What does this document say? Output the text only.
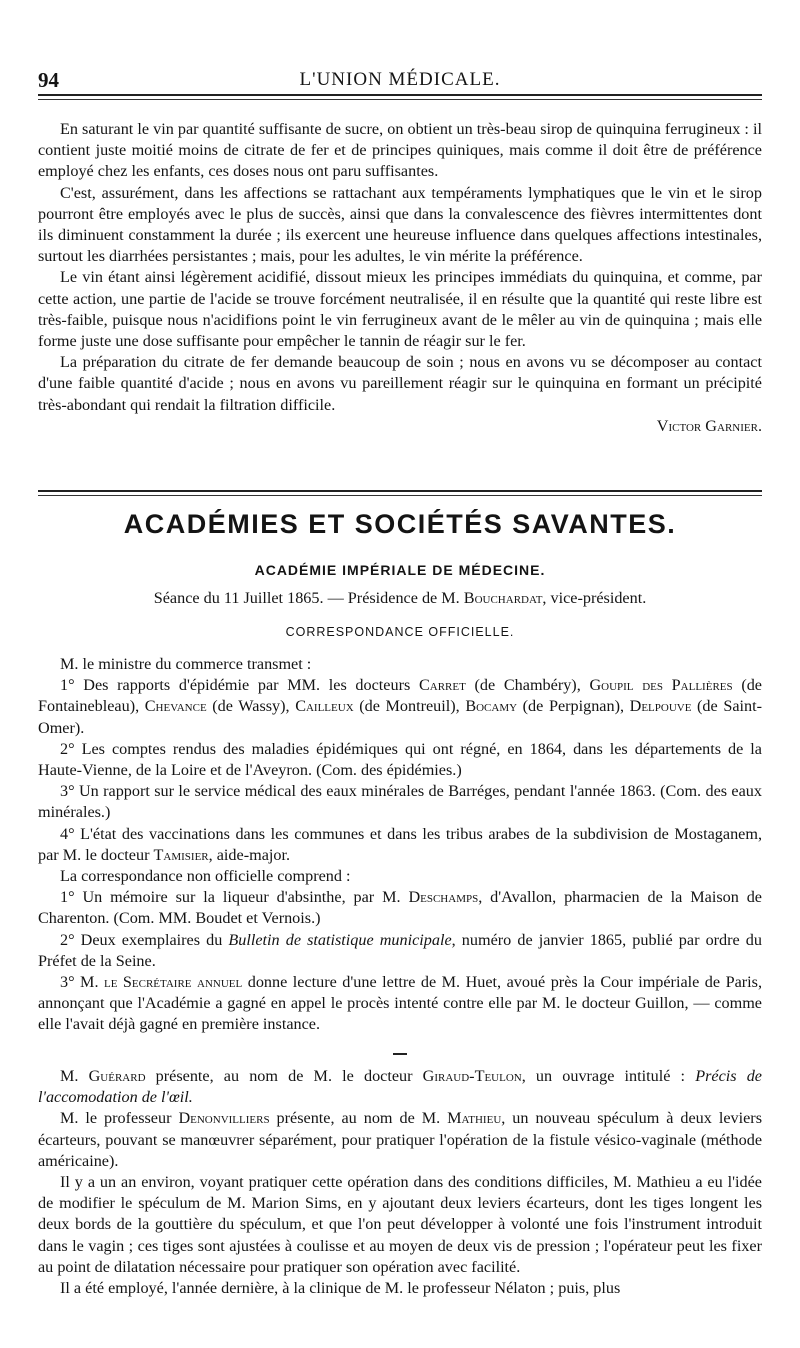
94	L'UNION MÉDICALE.

En saturant le vin par quantité suffisante de sucre, on obtient un très-beau sirop de quinquina ferrugineux : il contient juste moitié moins de citrate de fer et de principes quiniques, mais comme il doit être de préférence employé chez les enfants, ces doses nous ont paru suffisantes.

C'est, assurément, dans les affections se rattachant aux tempéraments lymphatiques que le vin et le sirop pourront être employés avec le plus de succès, ainsi que dans la convalescence des fièvres intermittentes dont ils diminuent constamment la durée ; ils exercent une heureuse influence dans quelques affections intestinales, surtout les diarrhées persistantes ; mais, pour les adultes, le vin mérite la préférence.

Le vin étant ainsi légèrement acidifié, dissout mieux les principes immédiats du quinquina, et comme, par cette action, une partie de l'acide se trouve forcément neutralisée, il en résulte que la quantité qui reste libre est très-faible, puisque nous n'acidifions point le vin ferrugineux avant de le mêler au vin de quinquina ; mais elle forme juste une dose suffisante pour empêcher le tannin de réagir sur le fer.

La préparation du citrate de fer demande beaucoup de soin ; nous en avons vu se décomposer au contact d'une faible quantité d'acide ; nous en avons vu pareillement réagir sur le quinquina en formant un précipité très-abondant qui rendait la filtration difficile.

Victor Garnier.

ACADÉMIES ET SOCIÉTÉS SAVANTES.
ACADÉMIE IMPÉRIALE DE MÉDECINE.
Séance du 11 Juillet 1865. — Présidence de M. Bouchardat, vice-président.
CORRESPONDANCE OFFICIELLE.

M. le ministre du commerce transmet :

1° Des rapports d'épidémie par MM. les docteurs Carret (de Chambéry), Goupil des Pallières (de Fontainebleau), Chevance (de Wassy), Cailleux (de Montreuil), Bocamy (de Perpignan), Delpouve (de Saint-Omer).

2° Les comptes rendus des maladies épidémiques qui ont régné, en 1864, dans les départements de la Haute-Vienne, de la Loire et de l'Aveyron. (Com. des épidémies.)

3° Un rapport sur le service médical des eaux minérales de Barréges, pendant l'année 1863. (Com. des eaux minérales.)

4° L'état des vaccinations dans les communes et dans les tribus arabes de la subdivision de Mostaganem, par M. le docteur Tamisier, aide-major.

La correspondance non officielle comprend :

1° Un mémoire sur la liqueur d'absinthe, par M. Deschamps, d'Avallon, pharmacien de la Maison de Charenton. (Com. MM. Boudet et Vernois.)

2° Deux exemplaires du Bulletin de statistique municipale, numéro de janvier 1865, publié par ordre du Préfet de la Seine.

3° M. le Secrétaire annuel donne lecture d'une lettre de M. Huet, avoué près la Cour impériale de Paris, annonçant que l'Académie a gagné en appel le procès intenté contre elle par M. le docteur Guillon, — comme elle l'avait déjà gagné en première instance.

M. Guérard présente, au nom de M. le docteur Giraud-Teulon, un ouvrage intitulé : Précis de l'accomodation de l'œil.

M. le professeur Denonvilliers présente, au nom de M. Mathieu, un nouveau spéculum à deux leviers écarteurs, pouvant se manœuvrer séparément, pour pratiquer l'opération de la fistule vésico-vaginale (méthode américaine).

Il y a un an environ, voyant pratiquer cette opération dans des conditions difficiles, M. Mathieu a eu l'idée de modifier le spéculum de M. Marion Sims, en y ajoutant deux leviers écarteurs, dont les tiges longent les deux bords de la gouttière du spéculum, et que l'on peut développer à volonté une fois l'instrument introduit dans le vagin ; ces tiges sont ajustées à coulisse et au moyen de deux vis de pression ; l'opérateur peut les fixer au point de dilatation nécessaire pour pratiquer son opération avec facilité.

Il a été employé, l'année dernière, à la clinique de M. le professeur Nélaton ; puis, plus
